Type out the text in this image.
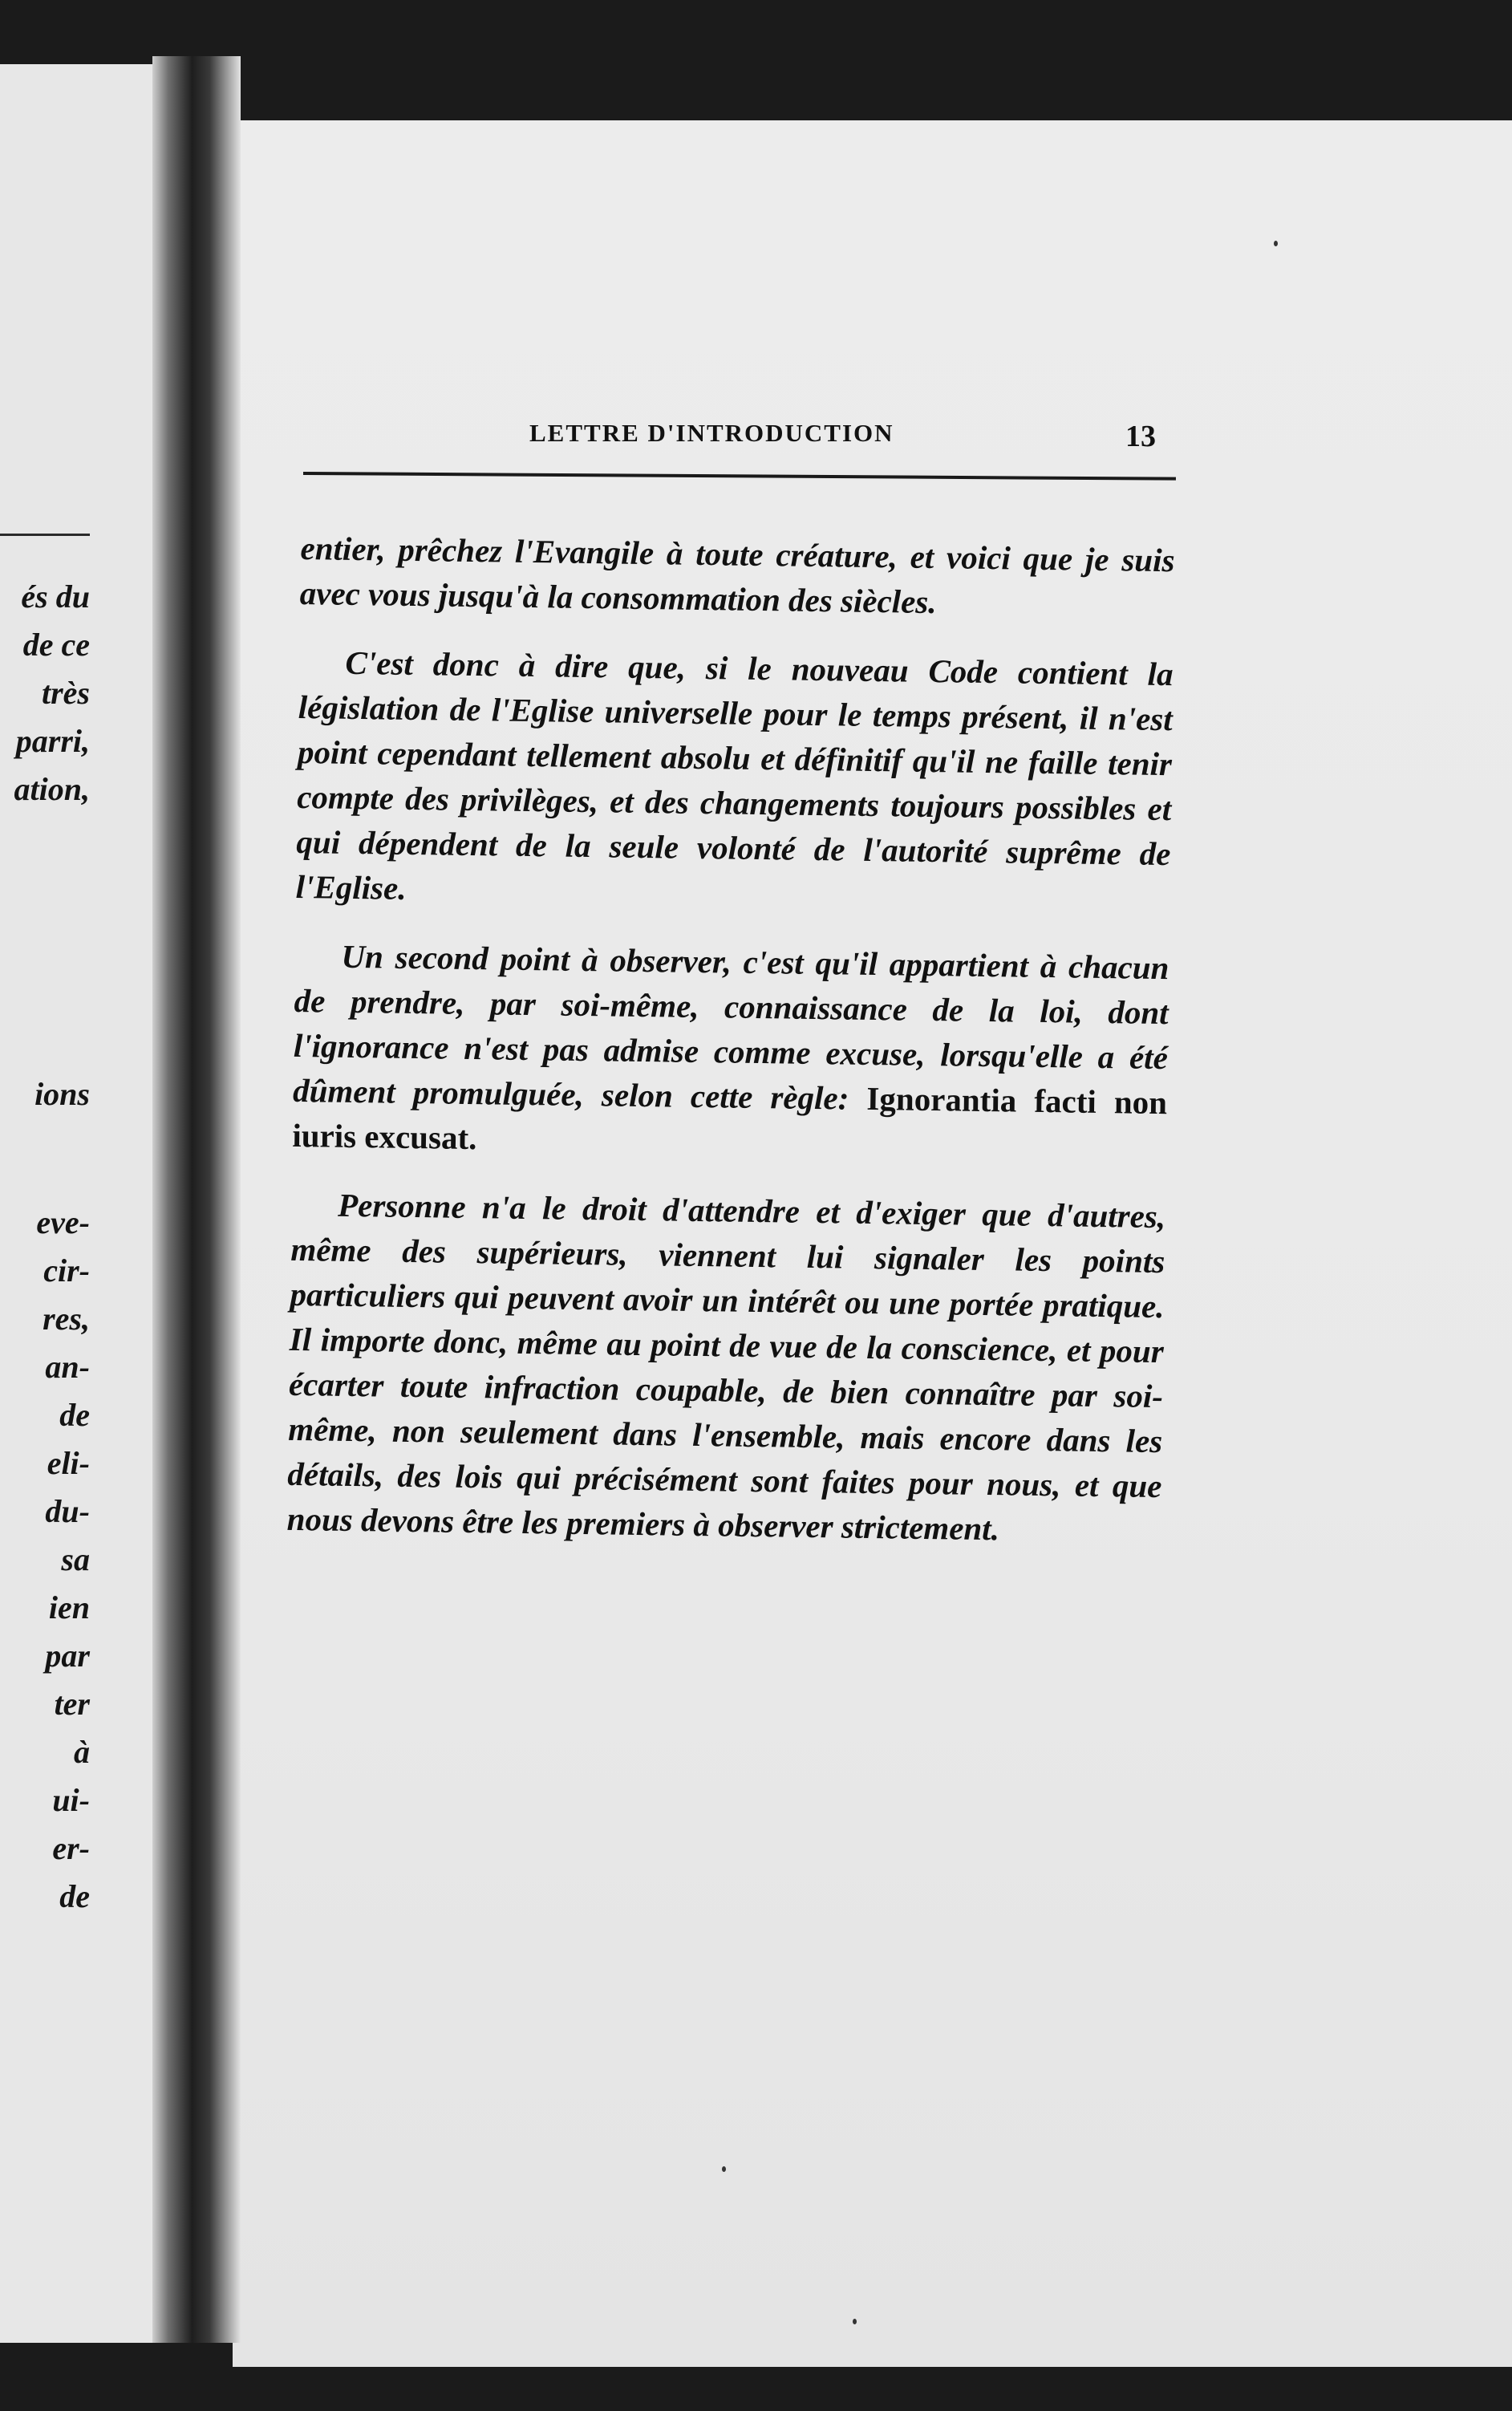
és du
de ce
très
parri,
ation,
ions
eve-
cir-
res,
an-
de
eli-
du-
sa
ien
par
ter
à
ui-
er-
de
LETTRE D'INTRODUCTION	13

entier, prêchez l'Evangile à toute créature, et voici que je suis avec vous jusqu'à la consommation des siècles.

C'est donc à dire que, si le nouveau Code contient la législation de l'Eglise universelle pour le temps présent, il n'est point cependant tellement absolu et définitif qu'il ne faille tenir compte des privilèges, et des changements toujours possibles et qui dépendent de la seule volonté de l'autorité suprême de l'Eglise.

Un second point à observer, c'est qu'il appartient à chacun de prendre, par soi-même, connaissance de la loi, dont l'ignorance n'est pas admise comme excuse, lorsqu'elle a été dûment promulguée, selon cette règle: Ignorantia facti non iuris excusat.

Personne n'a le droit d'attendre et d'exiger que d'autres, même des supérieurs, viennent lui signaler les points particuliers qui peuvent avoir un intérêt ou une portée pratique. Il importe donc, même au point de vue de la conscience, et pour écarter toute infraction coupable, de bien connaître par soi-même, non seulement dans l'ensemble, mais encore dans les détails, des lois qui précisément sont faites pour nous, et que nous devons être les premiers à observer strictement.
